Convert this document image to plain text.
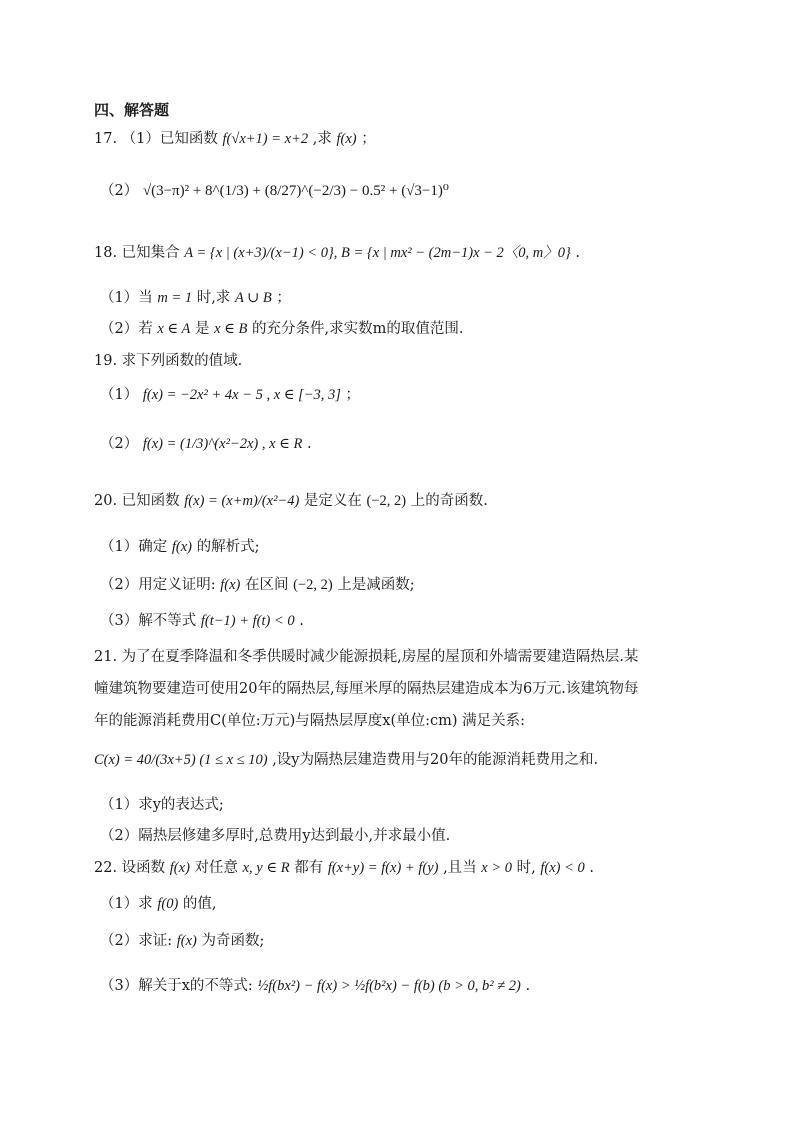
四、解答题
17. （1）已知函数 f(√x+1) = x+2 ,求 f(x) ；
（2） √(3−π)² + 8^(1/3) + (8/27)^(−2/3) − 0.5² + (√3−1)⁰
18. 已知集合 A = {x | (x+3)/(x−1) < 0}, B = {x | mx² − (2m−1)x − 2〈0, m〉0} .
（1）当 m = 1 时,求 A ∪ B ；
（2）若 x ∈ A 是 x ∈ B 的充分条件,求实数m的取值范围.
19. 求下列函数的值域.
（1） f(x) = −2x² + 4x − 5 , x ∈ [−3, 3] ；
（2） f(x) = (1/3)^(x²−2x) , x ∈ R .
20. 已知函数 f(x) = (x+m)/(x²−4) 是定义在 (−2, 2) 上的奇函数.
（1）确定 f(x) 的解析式;
（2）用定义证明: f(x) 在区间 (−2, 2) 上是减函数;
（3）解不等式 f(t−1) + f(t) < 0 .
21. 为了在夏季降温和冬季供暖时减少能源损耗,房屋的屋顶和外墙需要建造隔热层.某
幢建筑物要建造可使用20年的隔热层,每厘米厚的隔热层建造成本为6万元.该建筑物每
年的能源消耗费用C(单位:万元)与隔热层厚度x(单位:cm) 满足关系:
C(x) = 40/(3x+5) (1 ≤ x ≤ 10) ,设y为隔热层建造费用与20年的能源消耗费用之和.
（1）求y的表达式;
（2）隔热层修建多厚时,总费用y达到最小,并求最小值.
22. 设函数 f(x) 对任意 x, y ∈ R 都有 f(x+y) = f(x) + f(y) ,且当 x > 0 时, f(x) < 0 .
（1）求 f(0) 的值,
（2）求证: f(x) 为奇函数;
（3）解关于x的不等式: ½f(bx²) − f(x) > ½f(b²x) − f(b) (b > 0, b² ≠ 2) .
